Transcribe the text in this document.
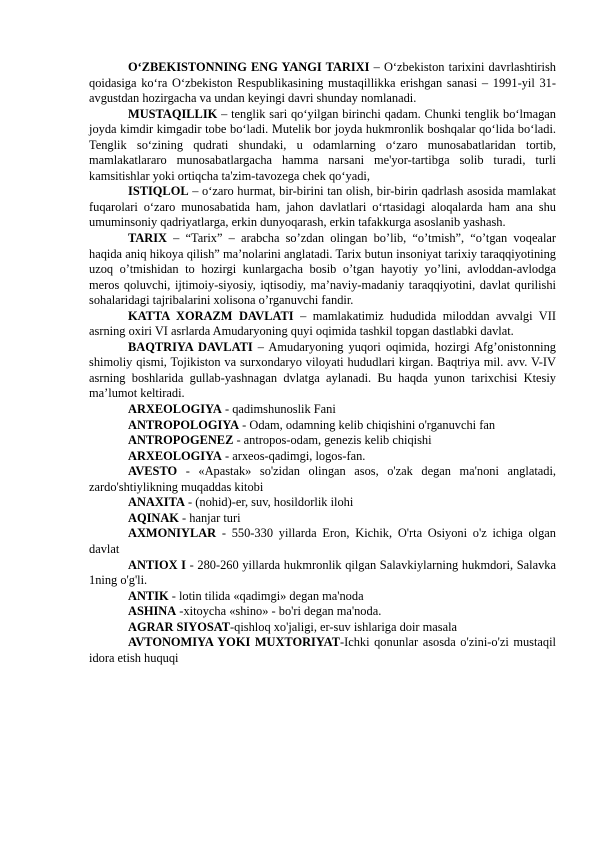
O‘ZBEKISTONNING ENG YANGI TARIXI – O‘zbekiston tarixini davrlashtirish qoidasiga ko‘ra O‘zbekiston Respublikasining mustaqillikka erishgan sanasi – 1991-yil 31-avgustdan hozirgacha va undan keyingi davri shunday nomlanadi.

MUSTAQILLIK – tenglik sari qo‘yilgan birinchi qadam. Chunki tenglik bo‘lmagan joyda kimdir kimgadir tobe bo‘ladi. Mutelik bor joyda hukmronlik boshqalar qo‘lida bo‘ladi. Tenglik so‘zining qudrati shundaki, u odamlarning o‘zaro munosabatlaridan tortib, mamlakatlararo munosabatlargacha hamma narsani me'yor-tartibga solib turadi, turli kamsitishlar yoki ortiqcha ta'zim-tavozega chek qo‘yadi,

ISTIQLOL – o‘zaro hurmat, bir-birini tan olish, bir-birin qadrlash asosida mamlakat fuqarolari o‘zaro munosabatida ham, jahon davlatlari o‘rtasidagi aloqalarda ham ana shu umuminsoniy qadriyatlarga, erkin dunyoqarash, erkin tafakkurga asoslanib yashash.

TARIX – “Tarix” – arabcha so’zdan olingan bo’lib, “o’tmish”, “o’tgan voqealar haqida aniq hikoya qilish” ma’nolarini anglatadi. Tarix butun insoniyat tarixiy taraqqiyotining uzoq o’tmishidan to hozirgi kunlargacha bosib o’tgan hayotiy yo’lini, avloddan-avlodga meros qoluvchi, ijtimoiy-siyosiy, iqtisodiy, ma’naviy-madaniy taraqqiyotini, davlat qurilishi sohalaridagi tajribalarini xolisona o’rganuvchi fandir.

KATTA XORAZM DAVLATI – mamlakatimiz hududida miloddan avvalgi VII asrning oxiri VI asrlarda Amudaryoning quyi oqimida tashkil topgan dastlabki davlat.

BAQTRIYA DAVLATI – Amudaryoning yuqori oqimida, hozirgi Afg’onistonning shimoliy qismi, Tojikiston va surxondaryo viloyati hududlari kirgan. Baqtriya mil. avv. V-IV asrning boshlarida gullab-yashnagan dvlatga aylanadi. Bu haqda yunon tarixchisi Ktesiy ma’lumot keltiradi.

ARXEOLOGIYA - qadimshunoslik Fani

ANTROPOLOGIYA - Odam, odamning kelib chiqishini o'rganuvchi fan

ANTROPOGENEZ - antropos-odam, genezis kelib chiqishi

ARXEOLOGIYA - arxeos-qadimgi, logos-fan.

AVESTO - «Apastak» so'zidan olingan asos, o'zak degan ma'noni anglatadi, zardo'shtiylikning muqaddas kitobi

ANAXITA - (nohid)-er, suv, hosildorlik ilohi

AQINAK - hanjar turi

AXMONIYLAR - 550-330 yillarda Eron, Kichik, O'rta Osiyoni o'z ichiga olgan davlat

ANTIOX I - 280-260 yillarda hukmronlik qilgan Salavkiylarning hukmdori, Salavka 1ning o'g'li.

ANTIK - lotin tilida «qadimgi» degan ma'noda

ASHINA -xitoycha «shino» - bo'ri degan ma'noda.

AGRAR SIYOSAT-qishloq xo'jaligi, er-suv ishlariga doir masala

AVTONOMIYA YOKI MUXTORIYAT-Ichki qonunlar asosda o'zini-o'zi mustaqil idora etish huquqi
